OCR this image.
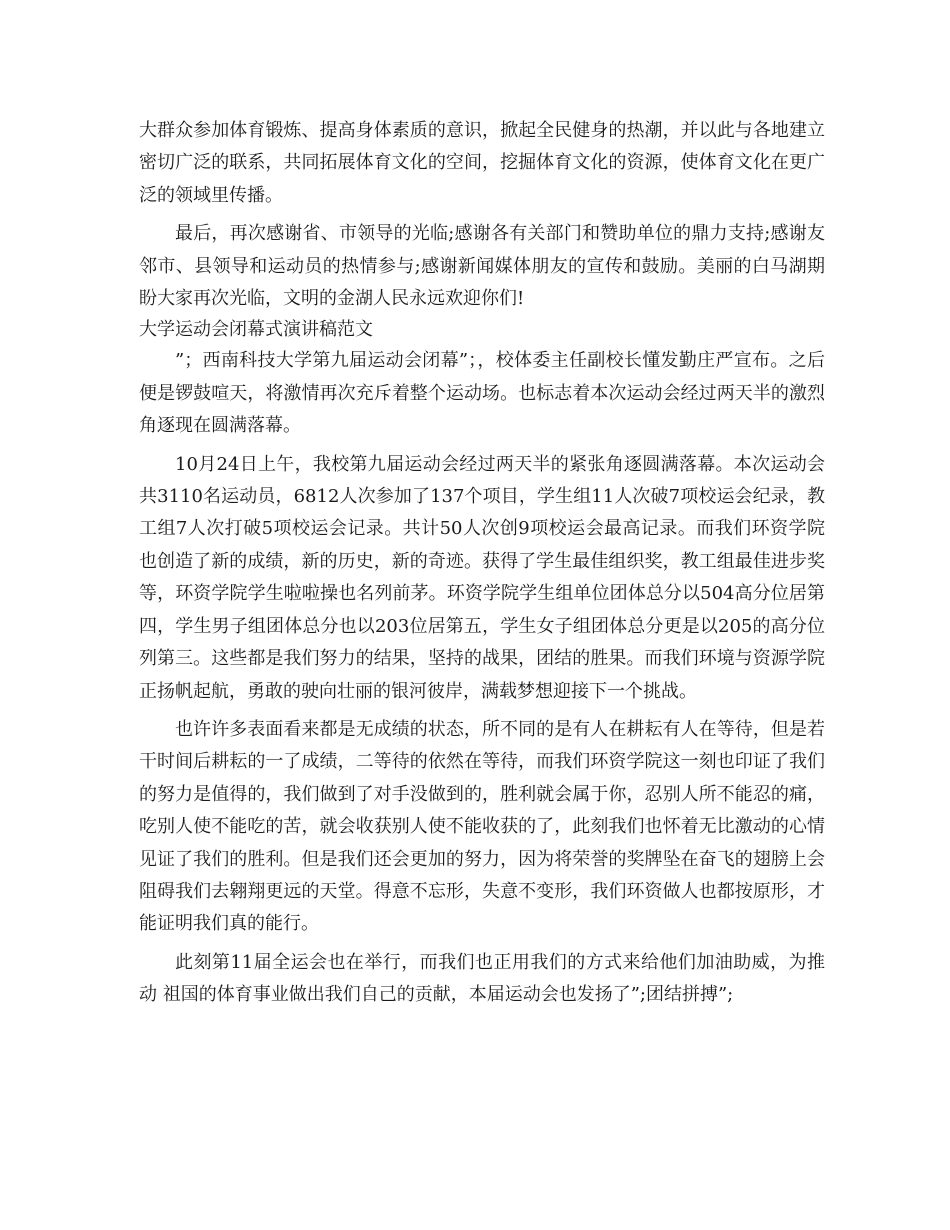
大群众参加体育锻炼、提高身体素质的意识，掀起全民健身的热潮，并以此与各地建立密切广泛的联系，共同拓展体育文化的空间，挖掘体育文化的资源，使体育文化在更广泛的领域里传播。

最后，再次感谢省、市领导的光临;感谢各有关部门和赞助单位的鼎力支持;感谢友邻市、县领导和运动员的热情参与;感谢新闻媒体朋友的宣传和鼓励。美丽的白马湖期盼大家再次光临，文明的金湖人民永远欢迎你们!

大学运动会闭幕式演讲稿范文

”；西南科技大学第九届运动会闭幕”；，校体委主任副校长懂发勤庄严宣布。之后便是锣鼓喧天，将激情再次充斥着整个运动场。也标志着本次运动会经过两天半的激烈角逐现在圆满落幕。

10月24日上午，我校第九届运动会经过两天半的紧张角逐圆满落幕。本次运动会共3110名运动员，6812人次参加了137个项目，学生组11人次破7项校运会纪录，教工组7人次打破5项校运会记录。共计50人次创9项校运会最高记录。而我们环资学院也创造了新的成绩，新的历史，新的奇迹。获得了学生最佳组织奖，教工组最佳进步奖等，环资学院学生啦啦操也名列前茅。环资学院学生组单位团体总分以504高分位居第四，学生男子组团体总分也以203位居第五，学生女子组团体总分更是以205的高分位列第三。这些都是我们努力的结果，坚持的战果，团结的胜果。而我们环境与资源学院正扬帆起航，勇敢的驶向壮丽的银河彼岸，满载梦想迎接下一个挑战。

也许许多表面看来都是无成绩的状态，所不同的是有人在耕耘有人在等待，但是若干时间后耕耘的一了成绩，二等待的依然在等待，而我们环资学院这一刻也印证了我们的努力是值得的，我们做到了对手没做到的，胜利就会属于你，忍别人所不能忍的痛，吃别人使不能吃的苦，就会收获别人使不能收获的了，此刻我们也怀着无比激动的心情见证了我们的胜利。但是我们还会更加的努力，因为将荣誉的奖牌坠在奋飞的翅膀上会阻碍我们去翱翔更远的天堂。得意不忘形，失意不变形，我们环资做人也都按原形，才能证明我们真的能行。

此刻第11届全运会也在举行，而我们也正用我们的方式来给他们加油助威，为推动 祖国的体育事业做出我们自己的贡献，本届运动会也发扬了”;团结拼搏”;
